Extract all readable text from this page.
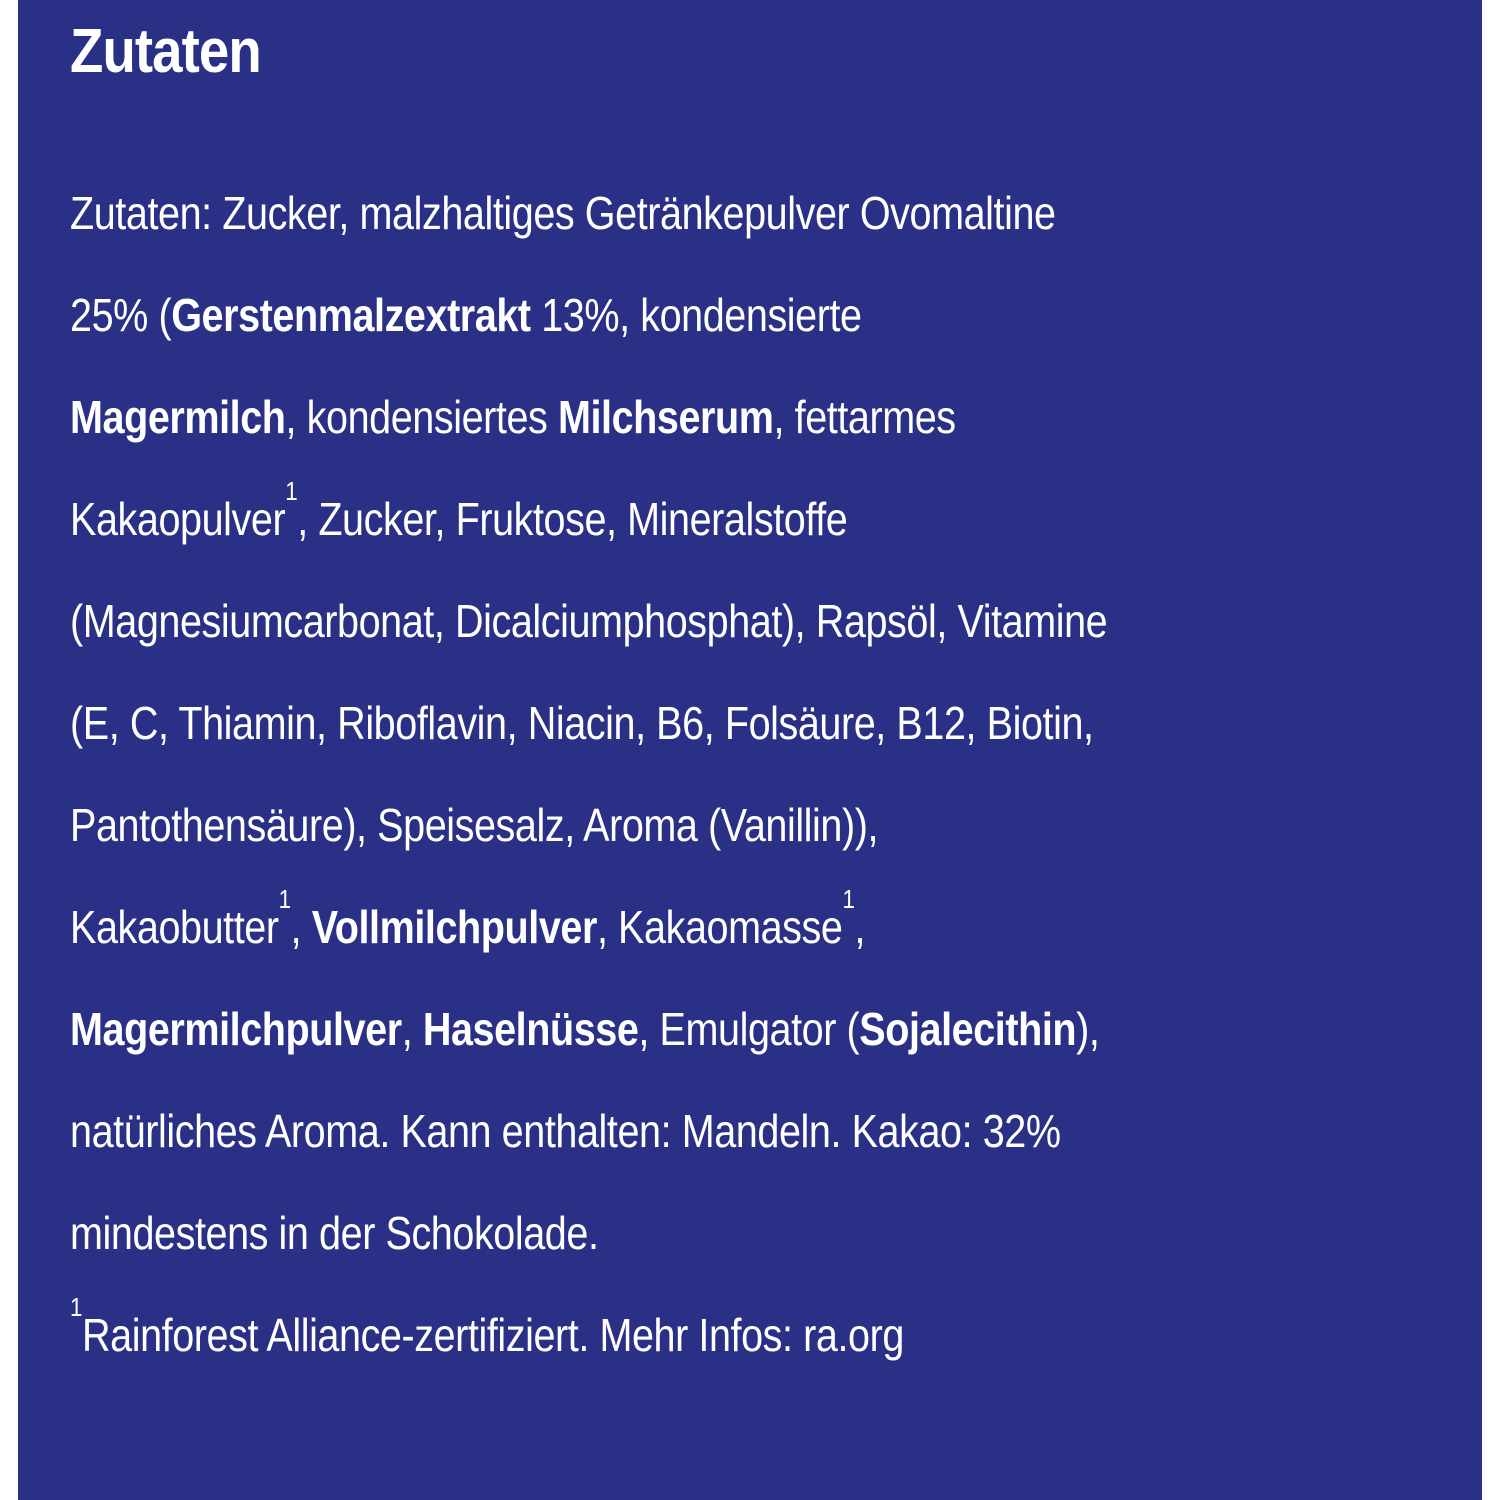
Zutaten
Zutaten: Zucker, malzhaltiges Getränkepulver Ovomaltine
25% (Gerstenmalzextrakt 13%, kondensierte
Magermilch, kondensiertes Milchserum, fettarmes
Kakaopulver$^1$, Zucker, Fruktose, Mineralstoffe
(Magnesiumcarbonat, Dicalciumphosphat), Rapsöl, Vitamine
(E, C, Thiamin, Riboflavin, Niacin, B6, Folsäure, B12, Biotin,
Pantothensäure), Speisesalz, Aroma (Vanillin)),
Kakaobutter$^1$, Vollmilchpulver, Kakaomasse$^1$,
Magermilchpulver, Haselnüsse, Emulgator (Sojalecithin),
natürliches Aroma. Kann enthalten: Mandeln. Kakao: 32%
mindestens in der Schokolade.
$^1$Rainforest Alliance-zertifiziert. Mehr Infos: ra.org
